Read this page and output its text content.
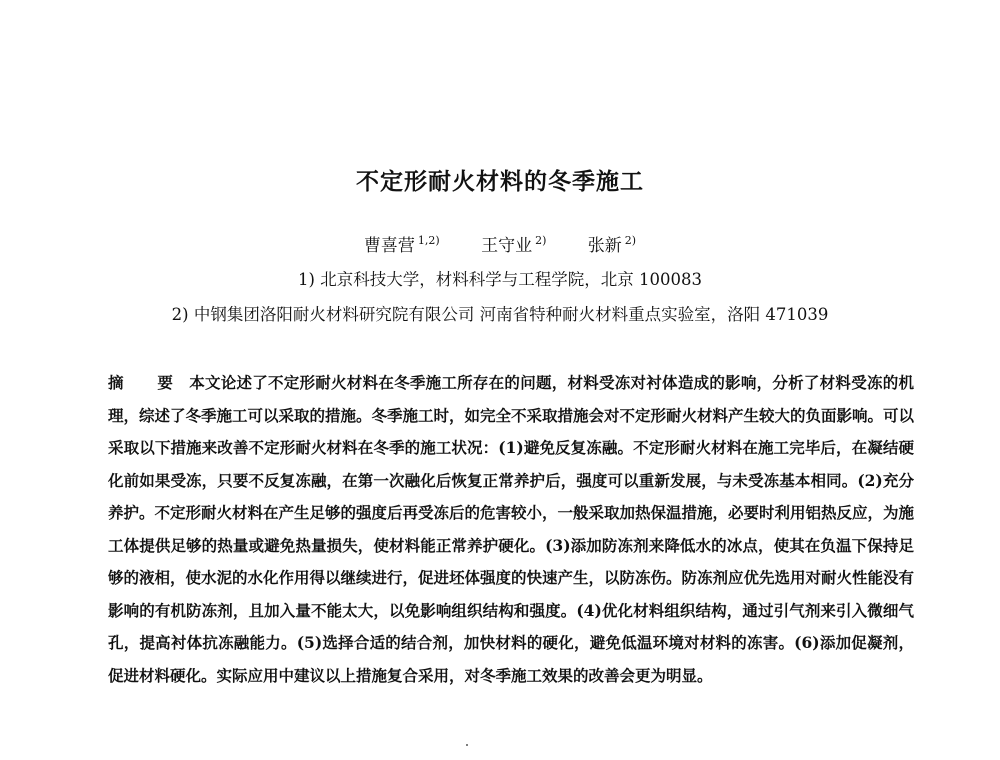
不定形耐火材料的冬季施工
曹喜营 $^{1,2)}$ 王守业 $^{2)}$ 张新 $^{2)}$
1) 北京科技大学，材料科学与工程学院，北京 100083
2) 中钢集团洛阳耐火材料研究院有限公司 河南省特种耐火材料重点实验室，洛阳 471039
摘 要 本文论述了不定形耐火材料在冬季施工所存在的问题，材料受冻对衬体造成的影响，分析了材料受冻的机理，综述了冬季施工可以采取的措施。冬季施工时，如完全不采取措施会对不定形耐火材料产生较大的负面影响。可以采取以下措施来改善不定形耐火材料在冬季的施工状况：(1)避免反复冻融。不定形耐火材料在施工完毕后，在凝结硬化前如果受冻，只要不反复冻融，在第一次融化后恢复正常养护后，强度可以重新发展，与未受冻基本相同。(2)充分养护。不定形耐火材料在产生足够的强度后再受冻后的危害较小，一般采取加热保温措施，必要时利用铝热反应，为施工体提供足够的热量或避免热量损失，使材料能正常养护硬化。(3)添加防冻剂来降低水的冰点，使其在负温下保持足够的液相，使水泥的水化作用得以继续进行，促进坯体强度的快速产生，以防冻伤。防冻剂应优先选用对耐火性能没有影响的有机防冻剂，且加入量不能太大，以免影响组织结构和强度。(4)优化材料组织结构，通过引气剂来引入微细气孔，提高衬体抗冻融能力。(5)选择合适的结合剂，加快材料的硬化，避免低温环境对材料的冻害。(6)添加促凝剂，促进材料硬化。实际应用中建议以上措施复合采用，对冬季施工效果的改善会更为明显。
